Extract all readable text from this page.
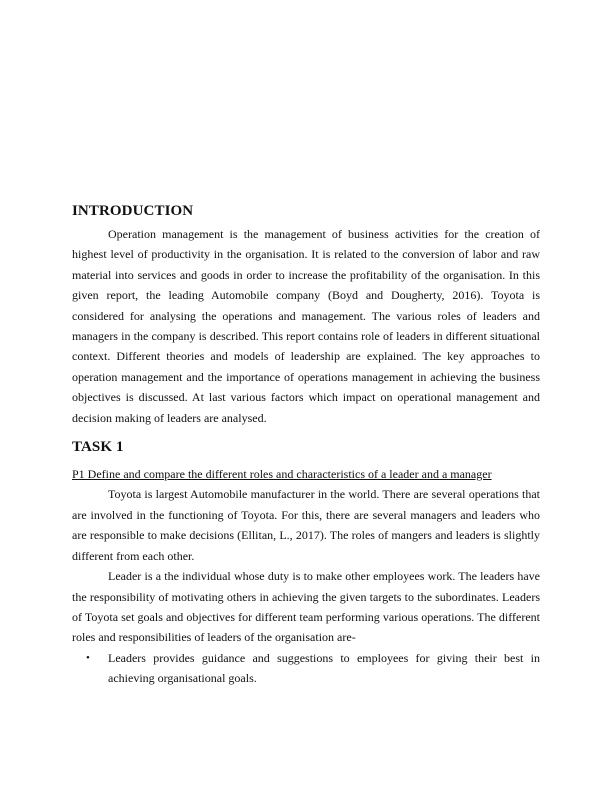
INTRODUCTION

Operation management is the management of business activities for the creation of highest level of productivity in the organisation. It is related to the conversion of labor and raw material into services and goods in order to increase the profitability of the organisation. In this given report, the leading Automobile company (Boyd and Dougherty, 2016). Toyota is considered for analysing the operations and management. The various roles of leaders and managers in the company is described. This report contains role of leaders in different situational context. Different theories and models of leadership are explained. The key approaches to operation management and the importance of operations management in achieving the business objectives is discussed. At last various factors which impact on operational management and decision making of leaders are analysed.

TASK 1

P1 Define and compare the different roles and characteristics of a leader and a manager

Toyota is largest Automobile manufacturer in the world. There are several operations that are involved in the functioning of Toyota. For this, there are several managers and leaders who are responsible to make decisions (Ellitan, L., 2017). The roles of mangers and leaders is slightly different from each other.

Leader is a the individual whose duty is to make other employees work. The leaders have the responsibility of motivating others in achieving the given targets to the subordinates. Leaders of Toyota set goals and objectives for different team performing various operations. The different roles and responsibilities of leaders of the organisation are-

• Leaders provides guidance and suggestions to employees for giving their best in achieving organisational goals.
